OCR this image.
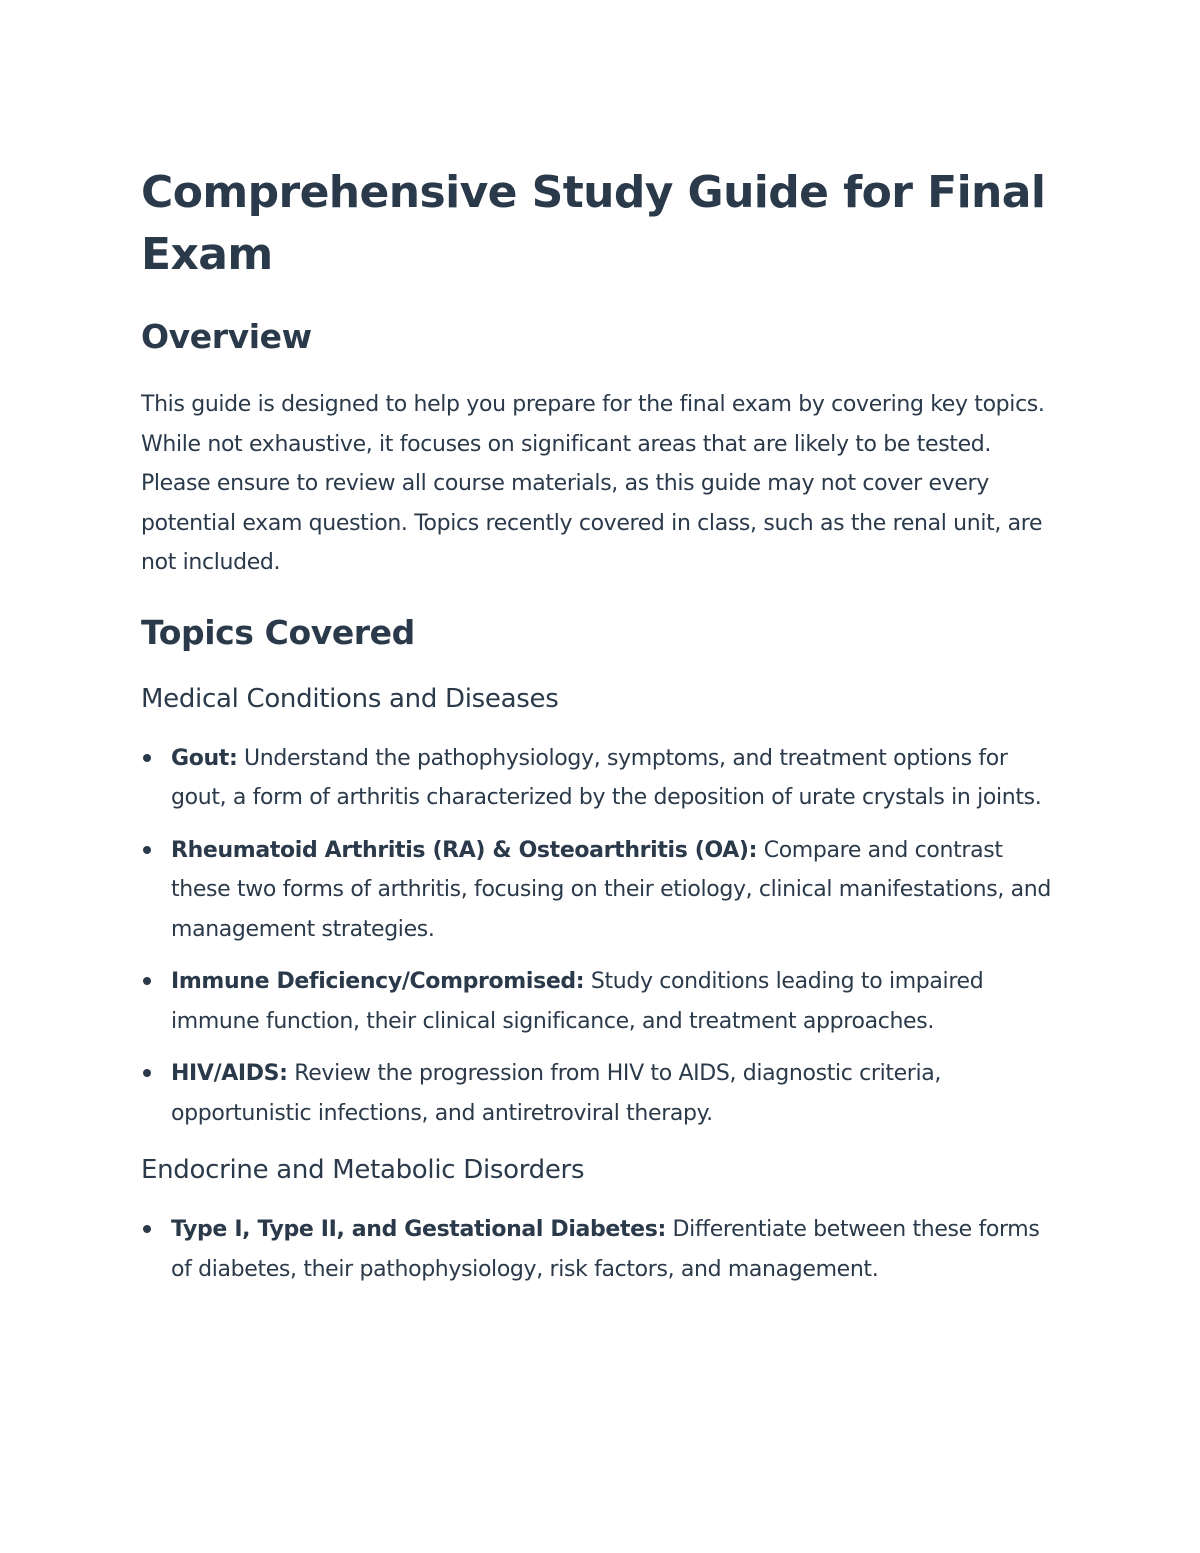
Comprehensive Study Guide for Final Exam
Overview

This guide is designed to help you prepare for the final exam by covering key topics. While not exhaustive, it focuses on significant areas that are likely to be tested. Please ensure to review all course materials, as this guide may not cover every potential exam question. Topics recently covered in class, such as the renal unit, are not included.

Topics Covered
Medical Conditions and Diseases
Gout: Understand the pathophysiology, symptoms, and treatment options for gout, a form of arthritis characterized by the deposition of urate crystals in joints.
Rheumatoid Arthritis (RA) & Osteoarthritis (OA): Compare and contrast these two forms of arthritis, focusing on their etiology, clinical manifestations, and management strategies.
Immune Deficiency/Compromised: Study conditions leading to impaired immune function, their clinical significance, and treatment approaches.
HIV/AIDS: Review the progression from HIV to AIDS, diagnostic criteria, opportunistic infections, and antiretroviral therapy.
Endocrine and Metabolic Disorders
Type I, Type II, and Gestational Diabetes: Differentiate between these forms of diabetes, their pathophysiology, risk factors, and management.
